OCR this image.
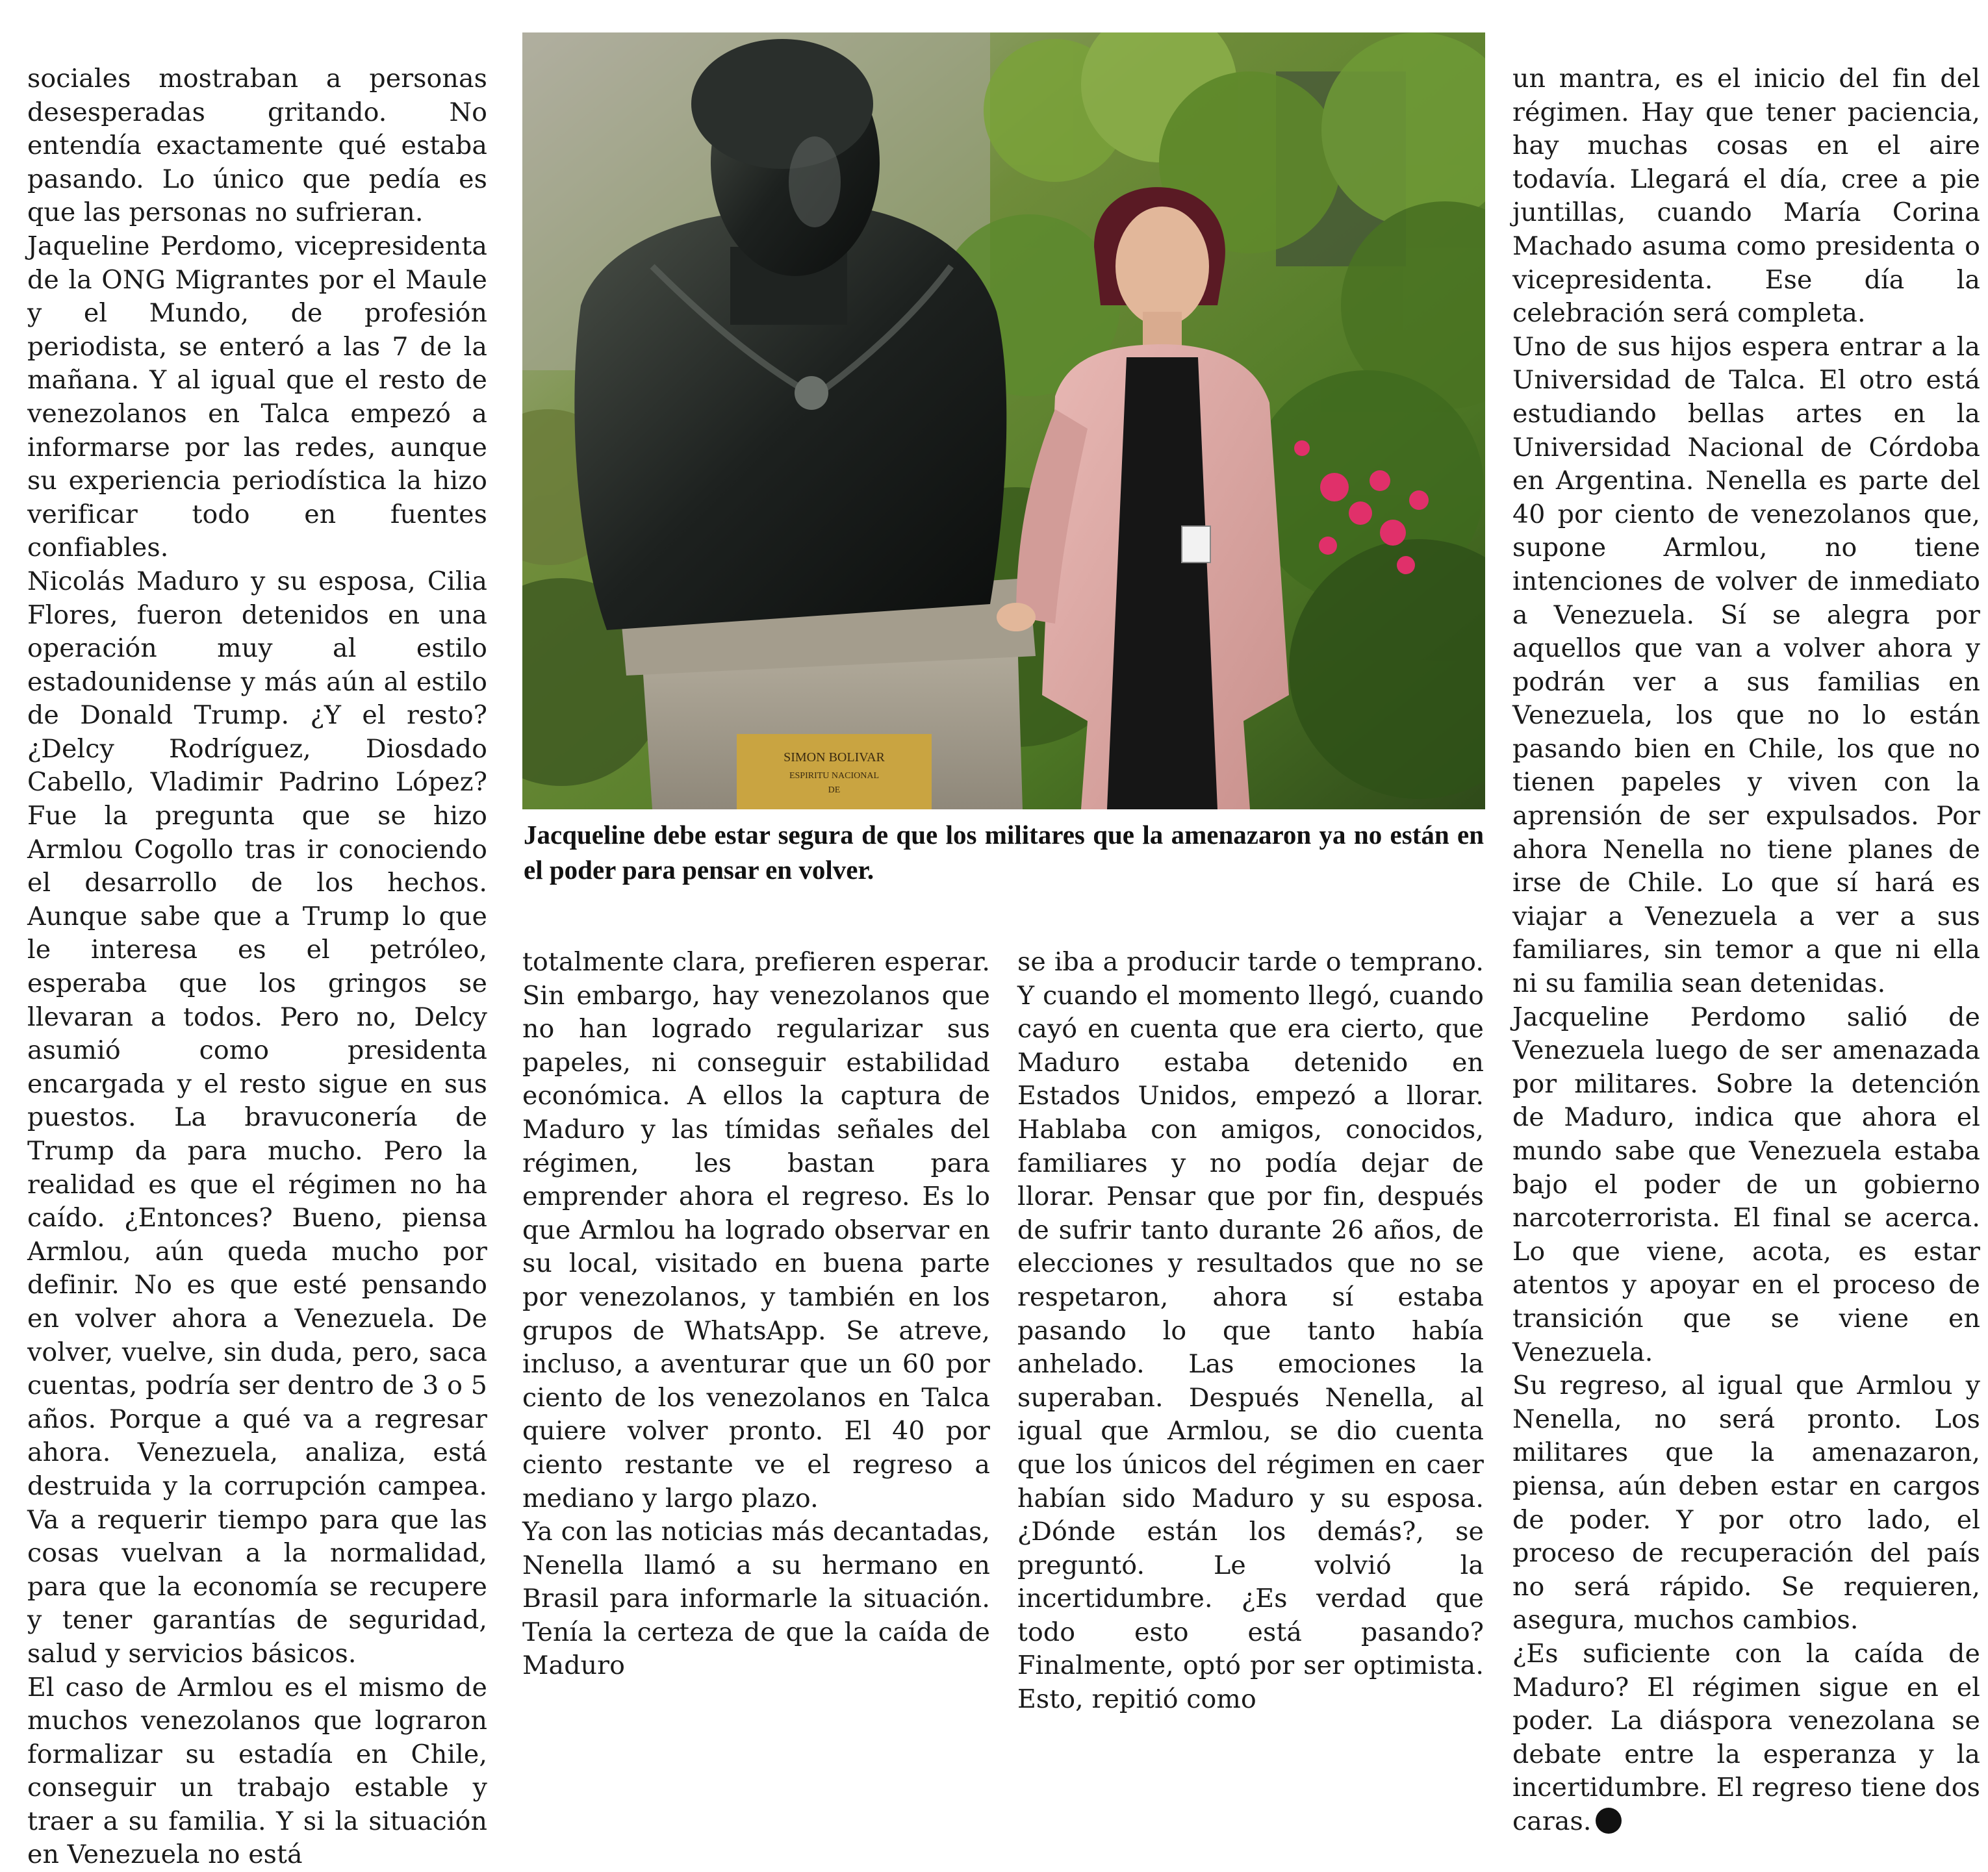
sociales mostraban a personas desesperadas gritando. No entendía exactamente qué estaba pasando. Lo único que pedía es que las personas no sufrieran.

Jaqueline Perdomo, vicepresidenta de la ONG Migrantes por el Maule y el Mundo, de profesión periodista, se enteró a las 7 de la mañana. Y al igual que el resto de venezolanos en Talca empezó a informarse por las redes, aunque su experiencia periodística la hizo verificar todo en fuentes confiables.

Nicolás Maduro y su esposa, Cilia Flores, fueron detenidos en una operación muy al estilo estadounidense y más aún al estilo de Donald Trump. ¿Y el resto? ¿Delcy Rodríguez, Diosdado Cabello, Vladimir Padrino López? Fue la pregunta que se hizo Armlou Cogollo tras ir conociendo el desarrollo de los hechos. Aunque sabe que a Trump lo que le interesa es el petróleo, esperaba que los gringos se llevaran a todos. Pero no, Delcy asumió como presidenta encargada y el resto sigue en sus puestos. La bravuconería de Trump da para mucho. Pero la realidad es que el régimen no ha caído. ¿Entonces? Bueno, piensa Armlou, aún queda mucho por definir. No es que esté pensando en volver ahora a Venezuela. De volver, vuelve, sin duda, pero, saca cuentas, podría ser dentro de 3 o 5 años. Porque a qué va a regresar ahora. Venezuela, analiza, está destruida y la corrupción campea. Va a requerir tiempo para que las cosas vuelvan a la normalidad, para que la economía se recupere y tener garantías de seguridad, salud y servicios básicos.

El caso de Armlou es el mismo de muchos venezolanos que lograron formalizar su estadía en Chile, conseguir un trabajo estable y traer a su familia. Y si la situación en Venezuela no está

SIMON BOLIVAR
ESPIRITU NACIONAL
DE
Jacqueline debe estar segura de que los militares que la amenazaron ya no están en el poder para pensar en volver.

totalmente clara, prefieren esperar. Sin embargo, hay venezolanos que no han logrado regularizar sus papeles, ni conseguir estabilidad económica. A ellos la captura de Maduro y las tímidas señales del régimen, les bastan para emprender ahora el regreso. Es lo que Armlou ha logrado observar en su local, visitado en buena parte por venezolanos, y también en los grupos de WhatsApp. Se atreve, incluso, a aventurar que un 60 por ciento de los venezolanos en Talca quiere volver pronto. El 40 por ciento restante ve el regreso a mediano y largo plazo.

Ya con las noticias más decantadas, Nenella llamó a su hermano en Brasil para informarle la situación. Tenía la certeza de que la caída de Maduro

se iba a producir tarde o temprano. Y cuando el momento llegó, cuando cayó en cuenta que era cierto, que Maduro estaba detenido en Estados Unidos, empezó a llorar. Hablaba con amigos, conocidos, familiares y no podía dejar de llorar. Pensar que por fin, después de sufrir tanto durante 26 años, de elecciones y resultados que no se respetaron, ahora sí estaba pasando lo que tanto había anhelado. Las emociones la superaban. Después Nenella, al igual que Armlou, se dio cuenta que los únicos del régimen en caer habían sido Maduro y su esposa. ¿Dónde están los demás?, se preguntó. Le volvió la incertidumbre. ¿Es verdad que todo esto está pasando? Finalmente, optó por ser optimista. Esto, repitió como

un mantra, es el inicio del fin del régimen. Hay que tener paciencia, hay muchas cosas en el aire todavía. Llegará el día, cree a pie juntillas, cuando María Corina Machado asuma como presidenta o vicepresidenta. Ese día la celebración será completa.

Uno de sus hijos espera entrar a la Universidad de Talca. El otro está estudiando bellas artes en la Universidad Nacional de Córdoba en Argentina. Nenella es parte del 40 por ciento de venezolanos que, supone Armlou, no tiene intenciones de volver de inmediato a Venezuela. Sí se alegra por aquellos que van a volver ahora y podrán ver a sus familias en Venezuela, los que no lo están pasando bien en Chile, los que no tienen papeles y viven con la aprensión de ser expulsados. Por ahora Nenella no tiene planes de irse de Chile. Lo que sí hará es viajar a Venezuela a ver a sus familiares, sin temor a que ni ella ni su familia sean detenidas.

Jacqueline Perdomo salió de Venezuela luego de ser amenazada por militares. Sobre la detención de Maduro, indica que ahora el mundo sabe que Venezuela estaba bajo el poder de un gobierno narcoterrorista. El final se acerca. Lo que viene, acota, es estar atentos y apoyar en el proceso de transición que se viene en Venezuela.

Su regreso, al igual que Armlou y Nenella, no será pronto. Los militares que la amenazaron, piensa, aún deben estar en cargos de poder. Y por otro lado, el proceso de recuperación del país no será rápido. Se requieren, asegura, muchos cambios.

¿Es suficiente con la caída de Maduro? El régimen sigue en el poder. La diáspora venezolana se debate entre la esperanza y la incertidumbre. El regreso tiene dos caras.
